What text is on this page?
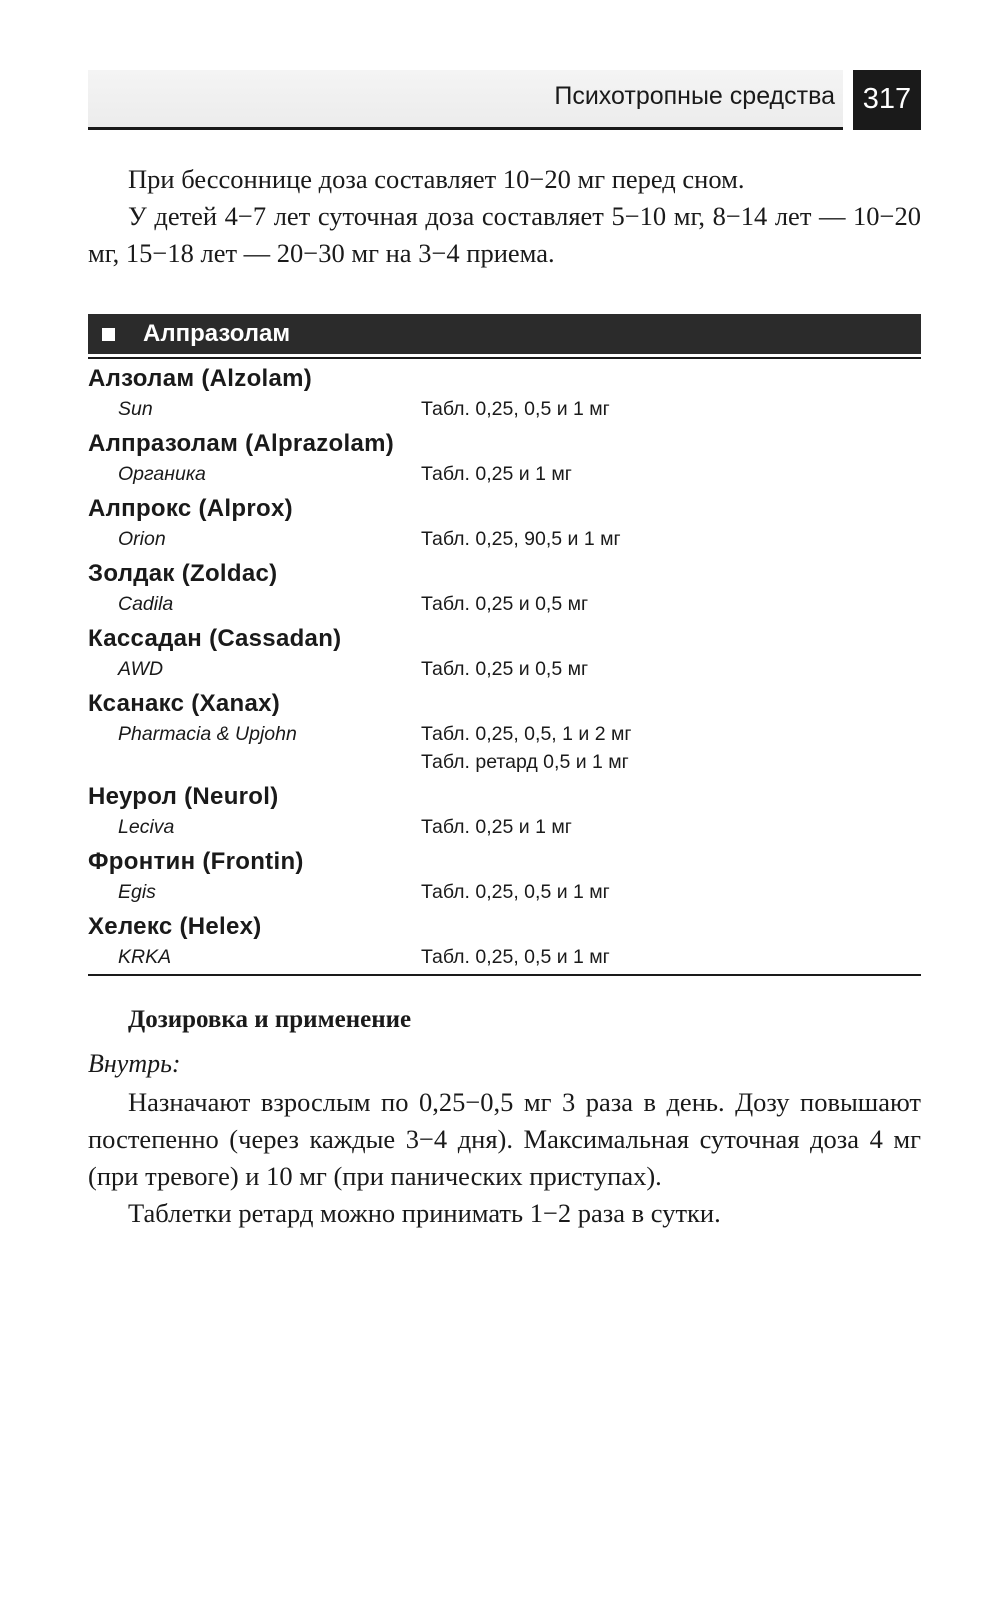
Психотропные средства 317

При бессоннице доза составляет 10−20 мг перед сном.

У детей 4−7 лет суточная доза составляет 5−10 мг, 8−14 лет — 10−20 мг, 15−18 лет — 20−30 мг на 3−4 приема.

Алпразолам
Алзолам (Alzolam)
Sun	Табл. 0,25, 0,5 и 1 мг
Алпразолам (Alprazolam)
Органика	Табл. 0,25 и 1 мг
Алпрокс (Alprox)
Orion	Табл. 0,25, 90,5 и 1 мг
Золдак (Zoldac)
Cadila	Табл. 0,25 и 0,5 мг
Кассадан (Cassadan)
AWD	Табл. 0,25 и 0,5 мг
Ксанакс (Xanax)
Pharmacia & Upjohn	Табл. 0,25, 0,5, 1 и 2 мг
Табл. ретард 0,5 и 1 мг
Неурол (Neurol)
Leciva	Табл. 0,25 и 1 мг
Фронтин (Frontin)
Egis	Табл. 0,25, 0,5 и 1 мг
Хелекс (Helex)
KRKA	Табл. 0,25, 0,5 и 1 мг
Дозировка и применение
Внутрь:

Назначают взрослым по 0,25−0,5 мг 3 раза в день. Дозу повышают постепенно (через каждые 3−4 дня). Максимальная суточная доза 4 мг (при тревоге) и 10 мг (при панических приступах).

Таблетки ретард можно принимать 1−2 раза в сутки.
